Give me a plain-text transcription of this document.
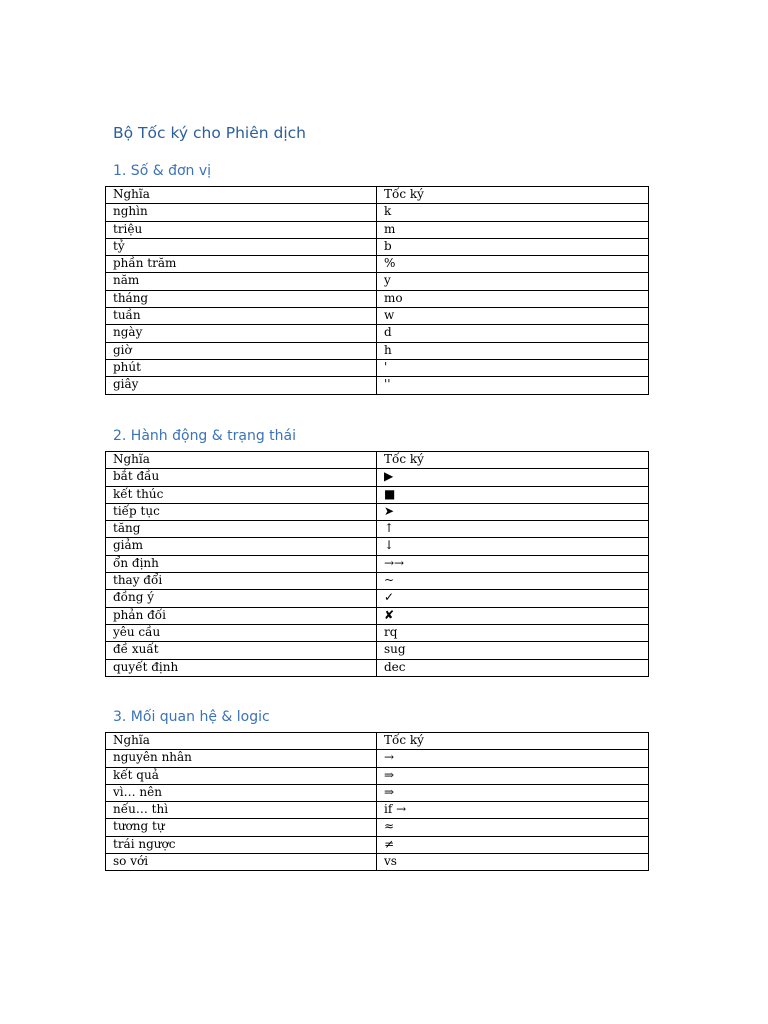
Bộ Tốc ký cho Phiên dịch
1. Số & đơn vị
Nghĩa	Tốc ký
nghìn	k
triệu	m
tỷ	b
phần trăm	%
năm	y
tháng	mo
tuần	w
ngày	d
giờ	h
phút	'
giây	''
2. Hành động & trạng thái
Nghĩa	Tốc ký
bắt đầu	▶
kết thúc	■
tiếp tục	➤
tăng	↑
giảm	↓
ổn định	→→
thay đổi	~
đồng ý	✓
phản đối	✘
yêu cầu	rq
đề xuất	sug
quyết định	dec
3. Mối quan hệ & logic
Nghĩa	Tốc ký
nguyên nhân	→
kết quả	⇒
vì… nên	⇒
nếu… thì	if →
tương tự	≈
trái ngược	≠
so với	vs
